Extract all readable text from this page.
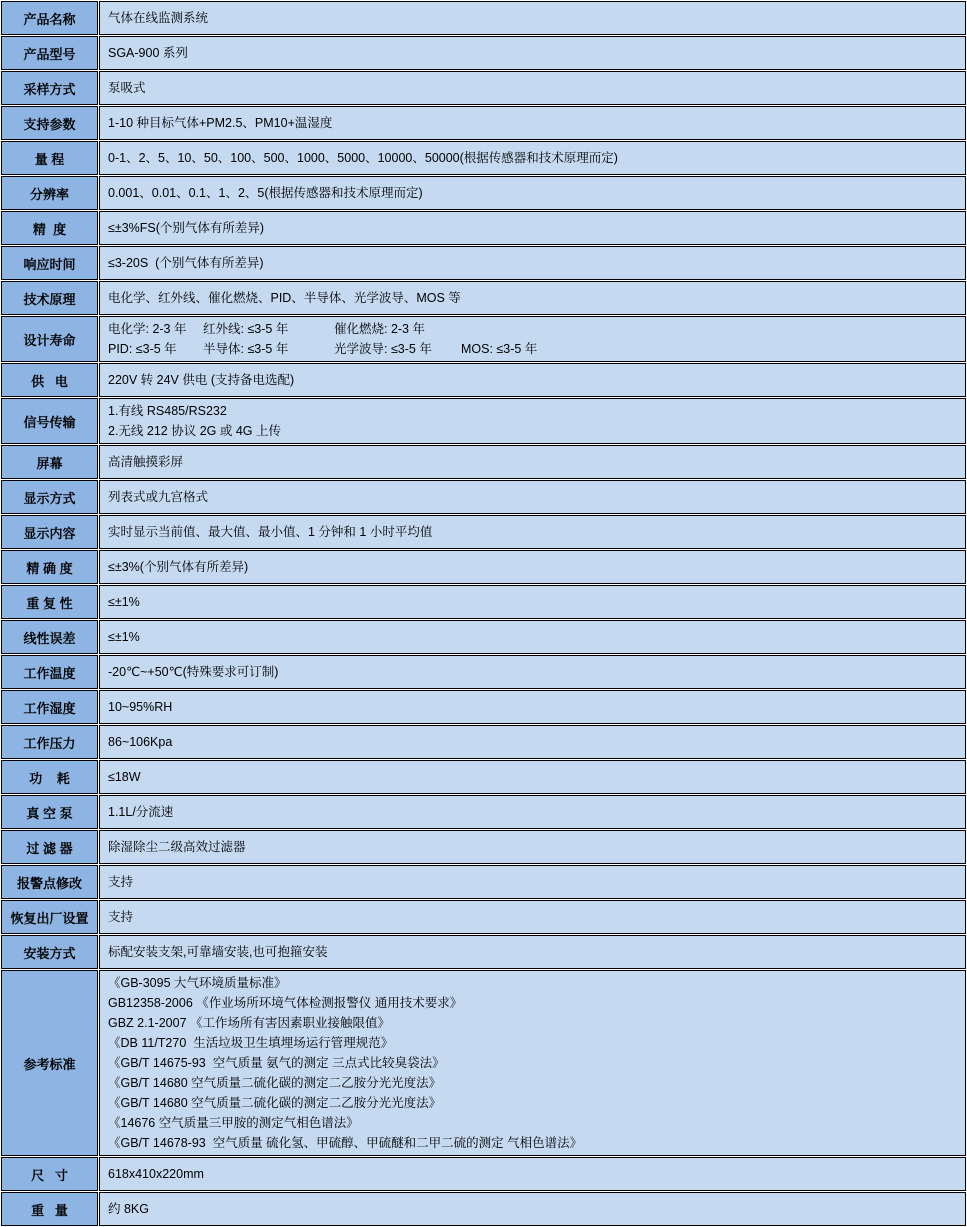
产品名称	气体在线监测系统

产品型号	SGA-900 系列

采样方式	泵吸式

支持参数	1-10 种目标气体+PM2.5、PM10+温湿度

量 程	0-1、2、5、10、50、100、500、1000、5000、10000、50000(根据传感器和技术原理而定)

分辨率	0.001、0.01、0.1、1、2、5(根据传感器和技术原理而定)

精  度	≤±3%FS(个别气体有所差异)

响应时间	≤3-20S  (个别气体有所差异)

技术原理	电化学、红外线、催化燃烧、PID、半导体、光学波导、MOS 等

设计寿命	电化学: 2-3 年 红外线: ≤3-5 年 催化燃烧: 2-3 年
PID: ≤3-5 年 半导体: ≤3-5 年 光学波导: ≤3-5 年 MOS: ≤3-5 年

供   电	220V 转 24V 供电 (支持备电选配)

信号传输	1.有线 RS485/RS232
2.无线 212 协议 2G 或 4G 上传

屏幕	高清触摸彩屏

显示方式	列表式或九宫格式

显示内容	实时显示当前值、最大值、最小值、1 分钟和 1 小时平均值

精 确 度	≤±3%(个别气体有所差异)

重 复 性	≤±1%

线性误差	≤±1%

工作温度	-20℃~+50℃(特殊要求可订制)

工作湿度	10~95%RH

工作压力	86~106Kpa

功    耗	≤18W

真 空 泵	1.1L/分流速

过 滤 器	除湿除尘二级高效过滤器

报警点修改	支持

恢复出厂设置	支持

安装方式	标配安装支架,可靠墙安装,也可抱箍安装

参考标准	
《GB-3095 大气环境质量标准》
GB12358-2006 《作业场所环境气体检测报警仪 通用技术要求》
GBZ 2.1-2007 《工作场所有害因素职业接触限值》
《DB 11/T270  生活垃圾卫生填埋场运行管理规范》
《GB/T 14675-93  空气质量 氨气的测定 三点式比较臭袋法》
《GB/T 14680 空气质量二硫化碳的测定二乙胺分光光度法》
《GB/T 14680 空气质量二硫化碳的测定二乙胺分光光度法》
《14676 空气质量三甲胺的测定气相色谱法》
《GB/T 14678-93  空气质量 硫化氢、甲硫醇、甲硫醚和二甲二硫的测定 气相色谱法》

尺   寸	618x410x220mm

重   量	约 8KG
